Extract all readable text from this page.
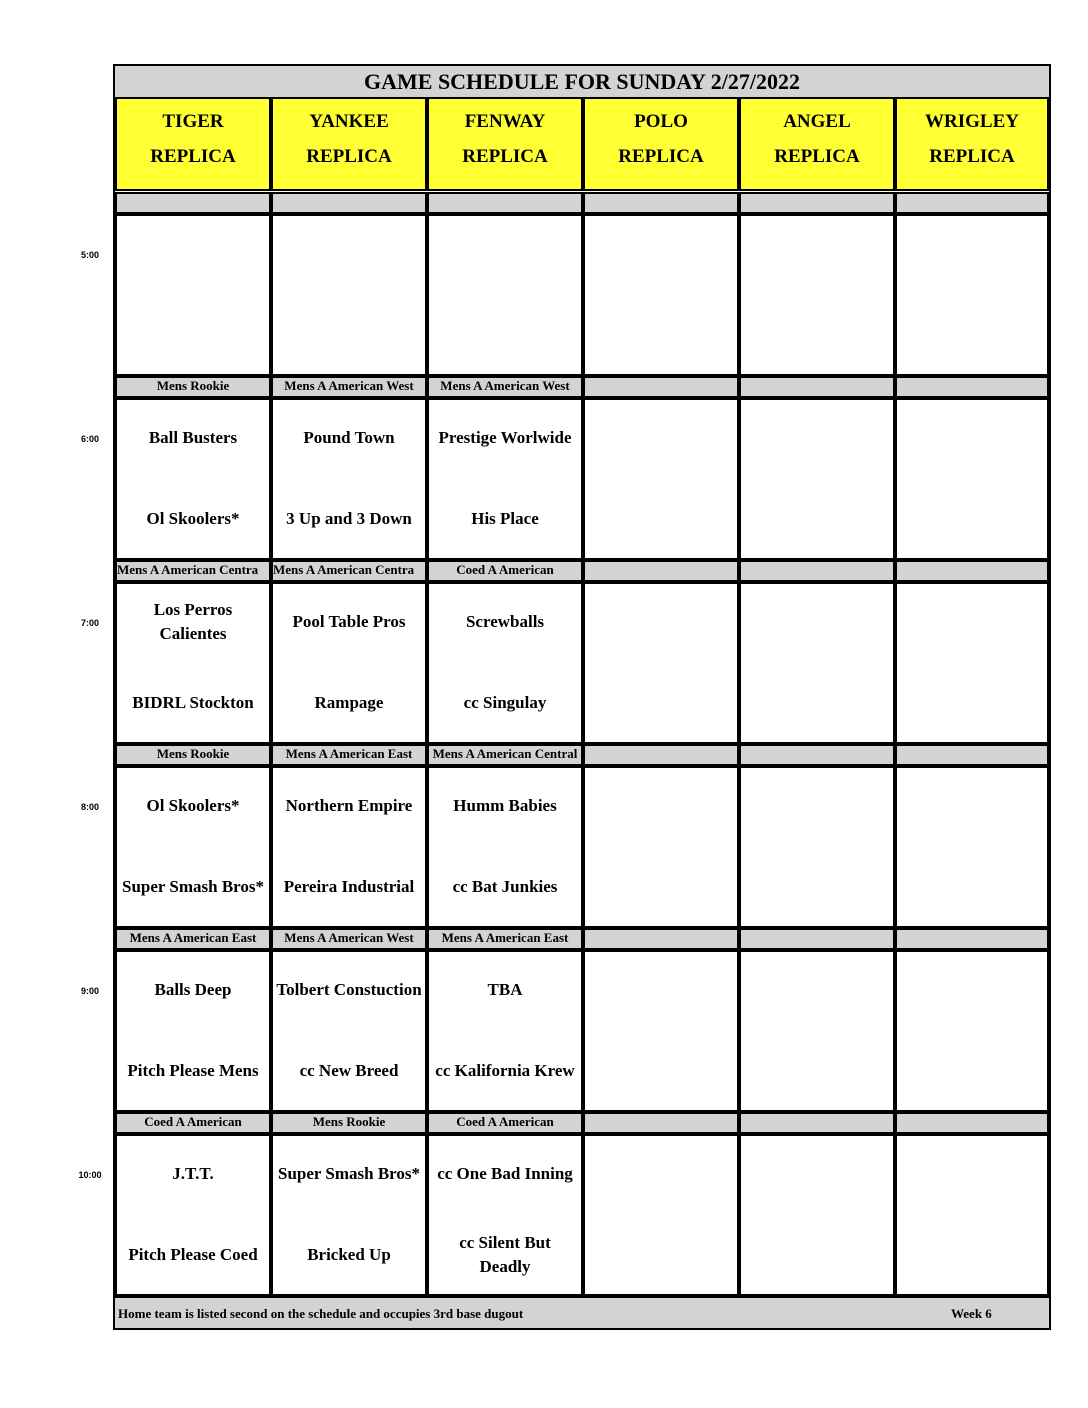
GAME SCHEDULE FOR SUNDAY 2/27/2022
Home team is listed second on the schedule and occupies 3rd base dugout	Week 6
TIGER
REPLICA
YANKEE
REPLICA
FENWAY
REPLICA
POLO
REPLICA
ANGEL
REPLICA
WRIGLEY
REPLICA
Mens Rookie
Ball Busters
Ol Skoolers*
Mens A American West
Pound Town
3 Up and 3 Down
Mens A American West
Prestige Worlwide
His Place
Mens A American Centra
Los Perros Calientes
BIDRL Stockton
Mens A American Centra
Pool Table Pros
Rampage
Coed A American
Screwballs
cc Singulay
Mens Rookie
Ol Skoolers*
Super Smash Bros*
Mens A American East
Northern Empire
Pereira Industrial
Mens A American Central
Humm Babies
cc Bat Junkies
Mens A American East
Balls Deep
Pitch Please Mens
Mens A American West
Tolbert Constuction
cc New Breed
Mens A American East
TBA
cc Kalifornia Krew
Coed A American
J.T.T.
Pitch Please Coed
Mens Rookie
Super Smash Bros*
Bricked Up
Coed A American
cc One Bad Inning
cc Silent But Deadly
5:00
6:00
7:00
8:00
9:00
10:00
